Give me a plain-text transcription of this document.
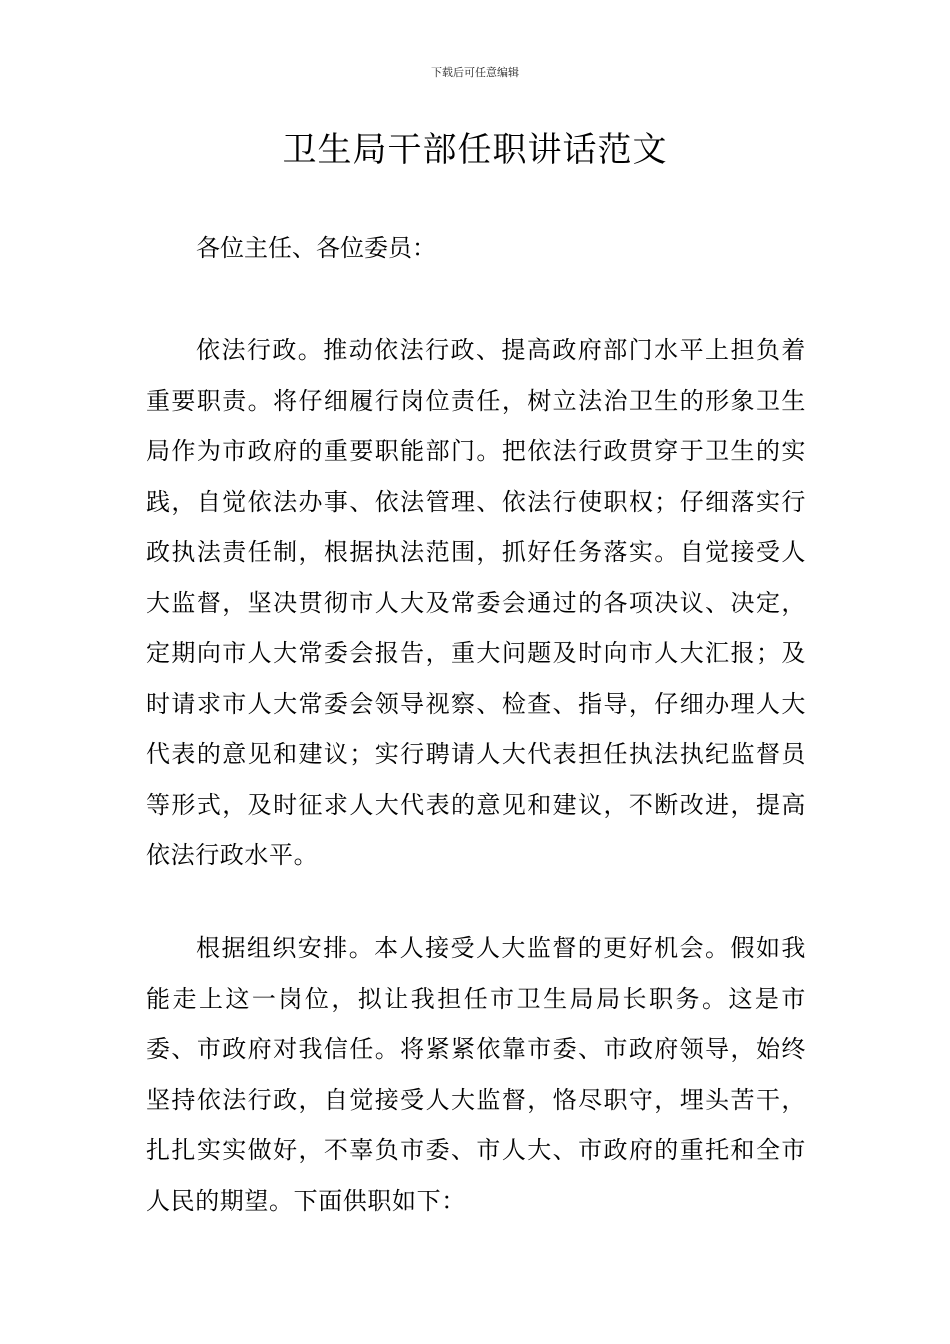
下载后可任意编辑
卫生局干部任职讲话范文

各位主任、各位委员：

依法行政。推动依法行政、提高政府部门水平上担负着重要职责。将仔细履行岗位责任，树立法治卫生的形象卫生局作为市政府的重要职能部门。把依法行政贯穿于卫生的实践，自觉依法办事、依法管理、依法行使职权；仔细落实行政执法责任制，根据执法范围，抓好任务落实。自觉接受人大监督，坚决贯彻市人大及常委会通过的各项决议、决定，定期向市人大常委会报告，重大问题及时向市人大汇报；及时请求市人大常委会领导视察、检查、指导，仔细办理人大代表的意见和建议；实行聘请人大代表担任执法执纪监督员等形式，及时征求人大代表的意见和建议，不断改进，提高依法行政水平。

根据组织安排。本人接受人大监督的更好机会。假如我能走上这一岗位，拟让我担任市卫生局局长职务。这是市委、市政府对我信任。将紧紧依靠市委、市政府领导，始终坚持依法行政，自觉接受人大监督，恪尽职守，埋头苦干，扎扎实实做好，不辜负市委、市人大、市政府的重托和全市人民的期望。下面供职如下：
